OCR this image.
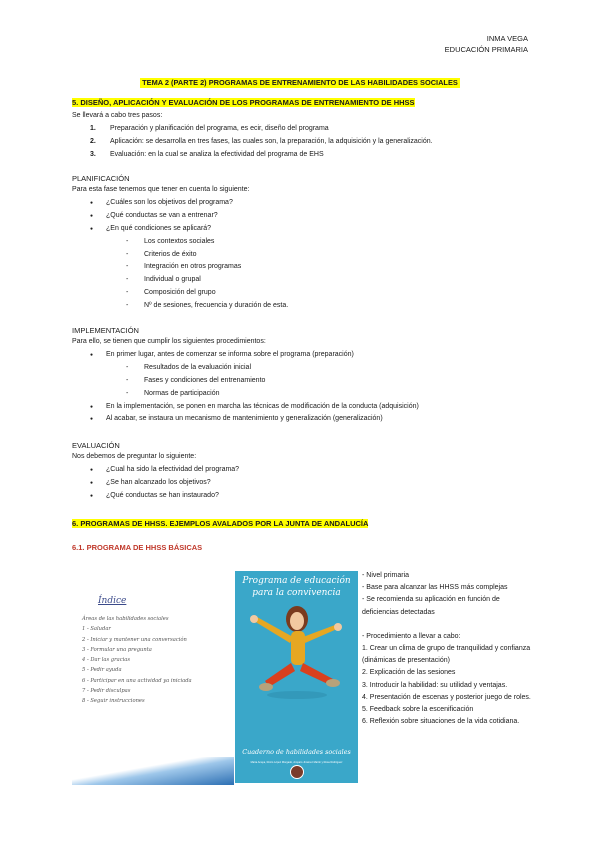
INMA VEGA
EDUCACIÓN PRIMARIA
TEMA 2 (PARTE 2) PROGRAMAS DE ENTRENAMIENTO DE LAS HABILIDADES SOCIALES
5. DISEÑO, APLICACIÓN Y EVALUACIÓN DE LOS PROGRAMAS DE ENTRENAMIENTO DE HHSS

Se llevará a cabo tres pasos:

1. Preparación y planificación del programa, es ecir, diseño del programa
2. Aplicación: se desarrolla en tres fases, las cuales son, la preparación, la adquisición y la generalización.
3. Evaluación: en la cual se analiza la efectividad del programa de EHS
PLANIFICACIÓN

Para esta fase tenemos que tener en cuenta lo siguiente:

● ¿Cuáles son los objetivos del programa?
● ¿Qué conductas se van a entrenar?
● ¿En qué condiciones se aplicará?
- Los contextos sociales
- Criterios de éxito
- Integración en otros programas
- Individual o grupal
- Composición del grupo
- Nº de sesiones, frecuencia y duración de esta.
IMPLEMENTACIÓN

Para ello, se tienen que cumplir los siguientes procedimientos:

● En primer lugar, antes de comenzar se informa sobre el programa (preparación)
- Resultados de la evaluación inicial
- Fases y condiciones del entrenamiento
- Normas de participación
● En la implementación, se ponen en marcha las técnicas de modificación de la conducta (adquisición)
● Al acabar, se instaura un mecanismo de mantenimiento y generalización (generalización)
EVALUACIÓN

Nos debemos de preguntar lo siguiente:

● ¿Cual ha sido la efectividad del programa?
● ¿Se han alcanzado los objetivos?
● ¿Qué conductas se han instaurado?
6. PROGRAMAS DE HHSS. EJEMPLOS AVALADOS POR LA JUNTA DE ANDALUCÍA
6.1. PROGRAMA DE HHSS BÁSICAS
Índice
Áreas de las habilidades sociales
1 - Saludar
2 - Iniciar y mantener una conversación
3 - Formular una pregunta
4 - Dar las gracias
5 - Pedir ayuda
6 - Participar en una actividad ya iniciada
7 - Pedir disculpas
8 - Seguir instrucciones
Programa de educación
para la convivencia
Cuaderno de habilidades sociales
Marta Anaya, Rocío López Morgado, Amparo Jiménez Martín y Rosa Rodríguez
- Nivel primaria
- Base para alcanzar las HHSS más complejas
- Se recomienda su aplicación en función de deficiencias detectadas
- Procedimiento a llevar a cabo:
1. Crear un clima de grupo de tranquilidad y confianza (dinámicas de presentación)
2. Explicación de las sesiones
3. Introducir la habilidad: su utilidad y ventajas.
4. Presentación de escenas y posterior juego de roles.
5. Feedback sobre la escenificación
6. Reflexión sobre situaciones de la vida cotidiana.
